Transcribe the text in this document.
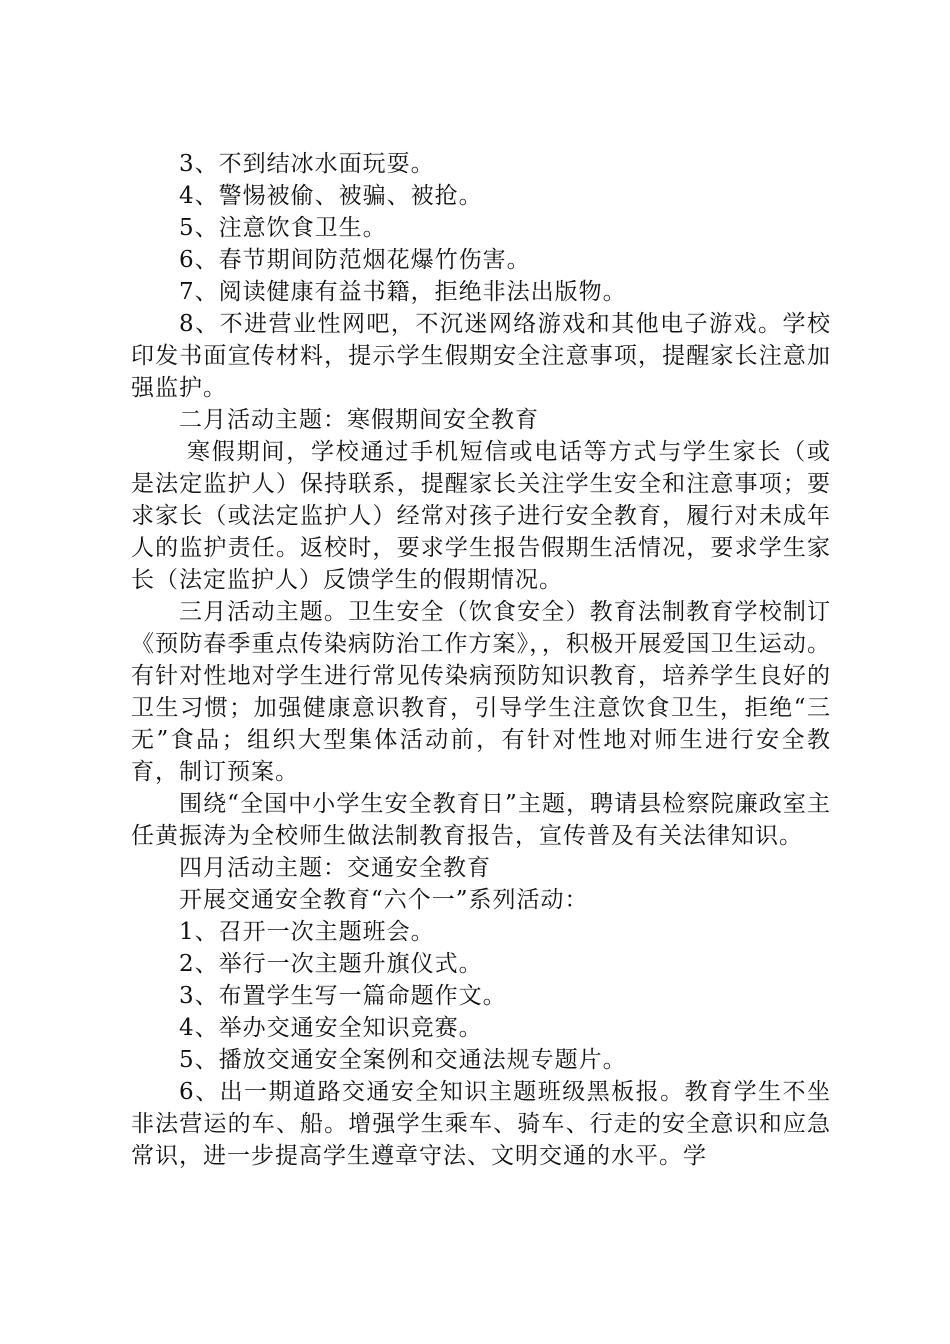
3、不到结冰水面玩耍。

4、警惕被偷、被骗、被抢。

5、注意饮食卫生。

6、春节期间防范烟花爆竹伤害。

7、阅读健康有益书籍，拒绝非法出版物。

8、不进营业性网吧，不沉迷网络游戏和其他电子游戏。学校印发书面宣传材料，提示学生假期安全注意事项，提醒家长注意加强监护。

二月活动主题：寒假期间安全教育

寒假期间，学校通过手机短信或电话等方式与学生家长（或是法定监护人）保持联系，提醒家长关注学生安全和注意事项；要求家长（或法定监护人）经常对孩子进行安全教育，履行对未成年人的监护责任。返校时，要求学生报告假期生活情况，要求学生家长（法定监护人）反馈学生的假期情况。

三月活动主题。卫生安全（饮食安全）教育法制教育学校制订《预防春季重点传染病防治工作方案》，，积极开展爱国卫生运动。有针对性地对学生进行常见传染病预防知识教育，培养学生良好的卫生习惯；加强健康意识教育，引导学生注意饮食卫生，拒绝“三无”食品；组织大型集体活动前，有针对性地对师生进行安全教育，制订预案。

围绕“全国中小学生安全教育日”主题，聘请县检察院廉政室主任黄振涛为全校师生做法制教育报告，宣传普及有关法律知识。

四月活动主题：交通安全教育

开展交通安全教育“六个一”系列活动：

1、召开一次主题班会。

2、举行一次主题升旗仪式。

3、布置学生写一篇命题作文。

4、举办交通安全知识竞赛。

5、播放交通安全案例和交通法规专题片。

6、出一期道路交通安全知识主题班级黑板报。教育学生不坐非法营运的车、船。增强学生乘车、骑车、行走的安全意识和应急常识，进一步提高学生遵章守法、文明交通的水平。学
